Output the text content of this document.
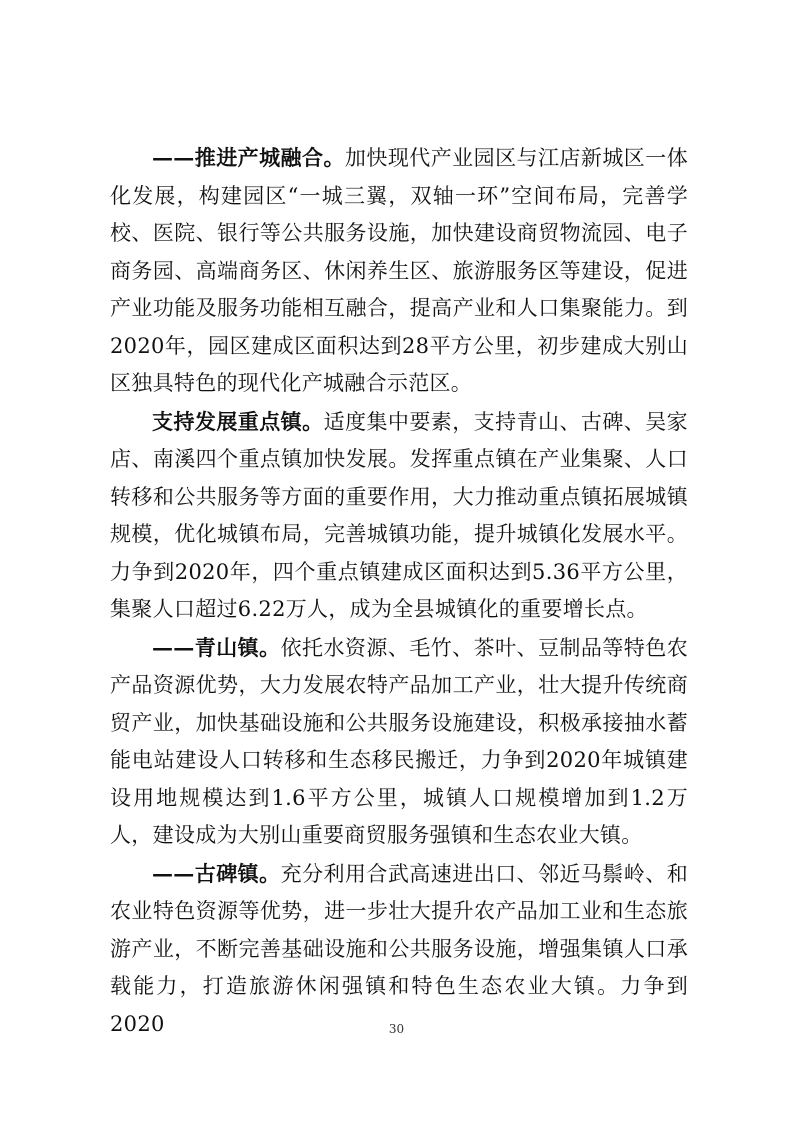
——推进产城融合。加快现代产业园区与江店新城区一体化发展，构建园区“一城三翼，双轴一环”空间布局，完善学校、医院、银行等公共服务设施，加快建设商贸物流园、电子商务园、高端商务区、休闲养生区、旅游服务区等建设，促进产业功能及服务功能相互融合，提高产业和人口集聚能力。到2020年，园区建成区面积达到28平方公里，初步建成大别山区独具特色的现代化产城融合示范区。

支持发展重点镇。适度集中要素，支持青山、古碑、吴家店、南溪四个重点镇加快发展。发挥重点镇在产业集聚、人口转移和公共服务等方面的重要作用，大力推动重点镇拓展城镇规模，优化城镇布局，完善城镇功能，提升城镇化发展水平。力争到2020年，四个重点镇建成区面积达到5.36平方公里，集聚人口超过6.22万人，成为全县城镇化的重要增长点。

——青山镇。依托水资源、毛竹、茶叶、豆制品等特色农产品资源优势，大力发展农特产品加工产业，壮大提升传统商贸产业，加快基础设施和公共服务设施建设，积极承接抽水蓄能电站建设人口转移和生态移民搬迁，力争到2020年城镇建设用地规模达到1.6平方公里，城镇人口规模增加到1.2万人，建设成为大别山重要商贸服务强镇和生态农业大镇。

——古碑镇。充分利用合武高速进出口、邻近马鬃岭、和农业特色资源等优势，进一步壮大提升农产品加工业和生态旅游产业，不断完善基础设施和公共服务设施，增强集镇人口承载能力，打造旅游休闲强镇和特色生态农业大镇。力争到2020	30
